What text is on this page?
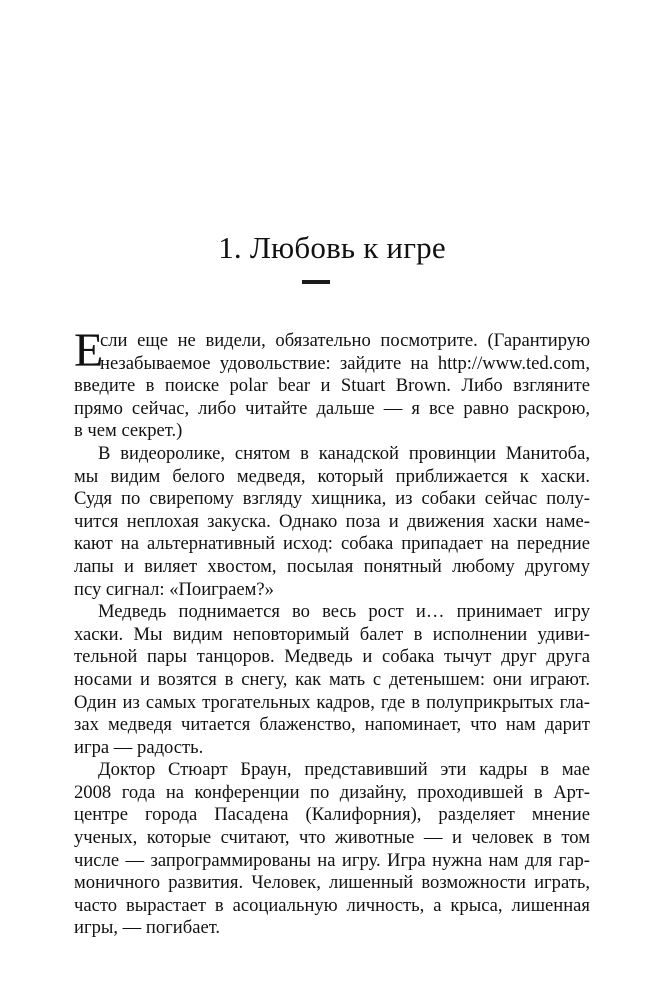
1. Любовь к игре
Е
сли еще не видели, обязательно посмотрите. (Гарантирую
незабываемое удовольствие: зайдите на http://www.ted.com,
введите в поиске polar bear и Stuart Brown. Либо взгляните
прямо сейчас, либо читайте дальше — я все равно раскрою,
в чем секрет.)
В видеоролике, снятом в канадской провинции Манитоба,
мы видим белого медведя, который приближается к хаски.
Судя по свирепому взгляду хищника, из собаки сейчас полу-
чится неплохая закуска. Однако поза и движения хаски наме-
кают на альтернативный исход: собака припадает на передние
лапы и виляет хвостом, посылая понятный любому другому
псу сигнал: «Поиграем?»
Медведь поднимается во весь рост и… принимает игру
хаски. Мы видим неповторимый балет в исполнении удиви-
тельной пары танцоров. Медведь и собака тычут друг друга
носами и возятся в снегу, как мать с детенышем: они играют.
Один из самых трогательных кадров, где в полуприкрытых гла-
зах медведя читается блаженство, напоминает, что нам дарит
игра — радость.
Доктор Стюарт Браун, представивший эти кадры в мае
2008 года на конференции по дизайну, проходившей в Арт-
центре города Пасадена (Калифорния), разделяет мнение
ученых, которые считают, что животные — и человек в том
числе — запрограммированы на игру. Игра нужна нам для гар-
моничного развития. Человек, лишенный возможности играть,
часто вырастает в асоциальную личность, а крыса, лишенная
игры, — погибает.
